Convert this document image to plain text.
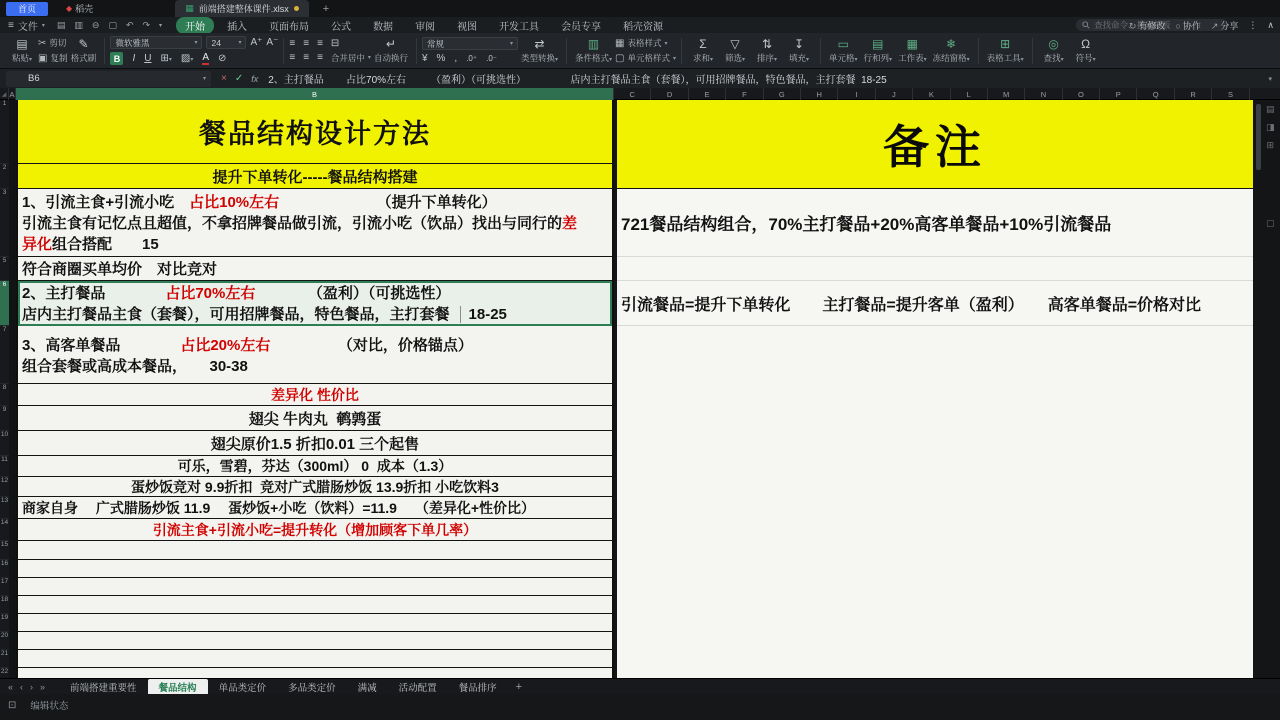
首页	◆ 稻壳	▦ 前端搭建整体课件.xlsx	+
≡ 文件 ▾ ▤ ▥ ⊖ ▢ ↶ ↷ ▾	开始	插入	页面布局	公式	数据	审阅	视图	开发工具	会员专享	稻壳资源
查找命令、搜索模板	↻ 有修改 ○ 协作 ↗ 分享 ⋮ ∧
▤
粘贴▾
✂ 剪切
▣ 复制
✎
格式刷
微软雅黑	▾ 24	▾ A⁺ A⁻
B	I U ⊞▾ ▨▾ A ⊘
≡ ≡ ≡ ⊟
≡ ≡ ≡ 合并居中 ▾
↵
自动换行
常规	▾
¥ % , .0⁺ .0⁻
⇄
类型转换▾
▥
条件格式▾
▦ 表格样式 ▾
▢ 单元格样式 ▾
Σ
求和▾
▽
筛选▾
⇅
排序▾
↧
填充▾
▭
单元格▾
▤
行和列▾
▦
工作表▾
❄
冻结窗格▾
⊞
表格工具▾
◎
查找▾
Ω
符号▾
B6	▾ × ✓ fx 2、主打餐品        占比70%左右         （盈利）（可挑选性）                店内主打餐品主食（套餐），可用招牌餐品，特色餐品，主打套餐  18-25	▾
◢ A	B	C	D	E	F	G	H	I	J	K	L	M	N	O	P	Q	R	S
1
2
3
5
6
7
8
9
10
11
12
13
14
15
16
17
18
19
20
21
22
餐品结构设计方法
提升下单转化-----餐品结构搭建
1、引流主食+引流小吃　占比10%左右　　　　　　　（提升下单转化）
引流主食有记忆点且超值，不拿招牌餐品做引流，引流小吃（饮品）找出与同行的差
异化组合搭配　　15
符合商圈买单均价　对比竞对
2、主打餐品　　　　占比70%左右　　　　（盈利）（可挑选性）
店内主打餐品主食（套餐），可用招牌餐品，特色餐品，主打套餐 18-25
3、高客单餐品　　　　占比20%左右　　　　　（对比，价格锚点）
组合套餐或高成本餐品，　　30-38
差异化 性价比
翅尖 牛肉丸  鹌鹑蛋
翅尖原价1.5 折扣0.01 三个起售
可乐，雪碧，芬达（300ml） 0  成本（1.3）
蛋炒饭竞对 9.9折扣  竞对广式腊肠炒饭 13.9折扣 小吃饮料3
商家自身　 广式腊肠炒饭 11.9　 蛋炒饭+小吃（饮料）=11.9　 （差异化+性价比）
引流主食+引流小吃=提升转化（增加顾客下单几率）
备注
721餐品结构组合，70%主打餐品+20%高客单餐品+10%引流餐品
引流餐品=提升下单转化　　主打餐品=提升客单（盈利）　　高客单餐品=价格对比
▤
◨
⊞
▢
« ‹ › »	前端搭建重要性	餐品结构	单品类定价	多品类定价	满减	活动配置	餐品排序	+
⊡ 编辑状态
